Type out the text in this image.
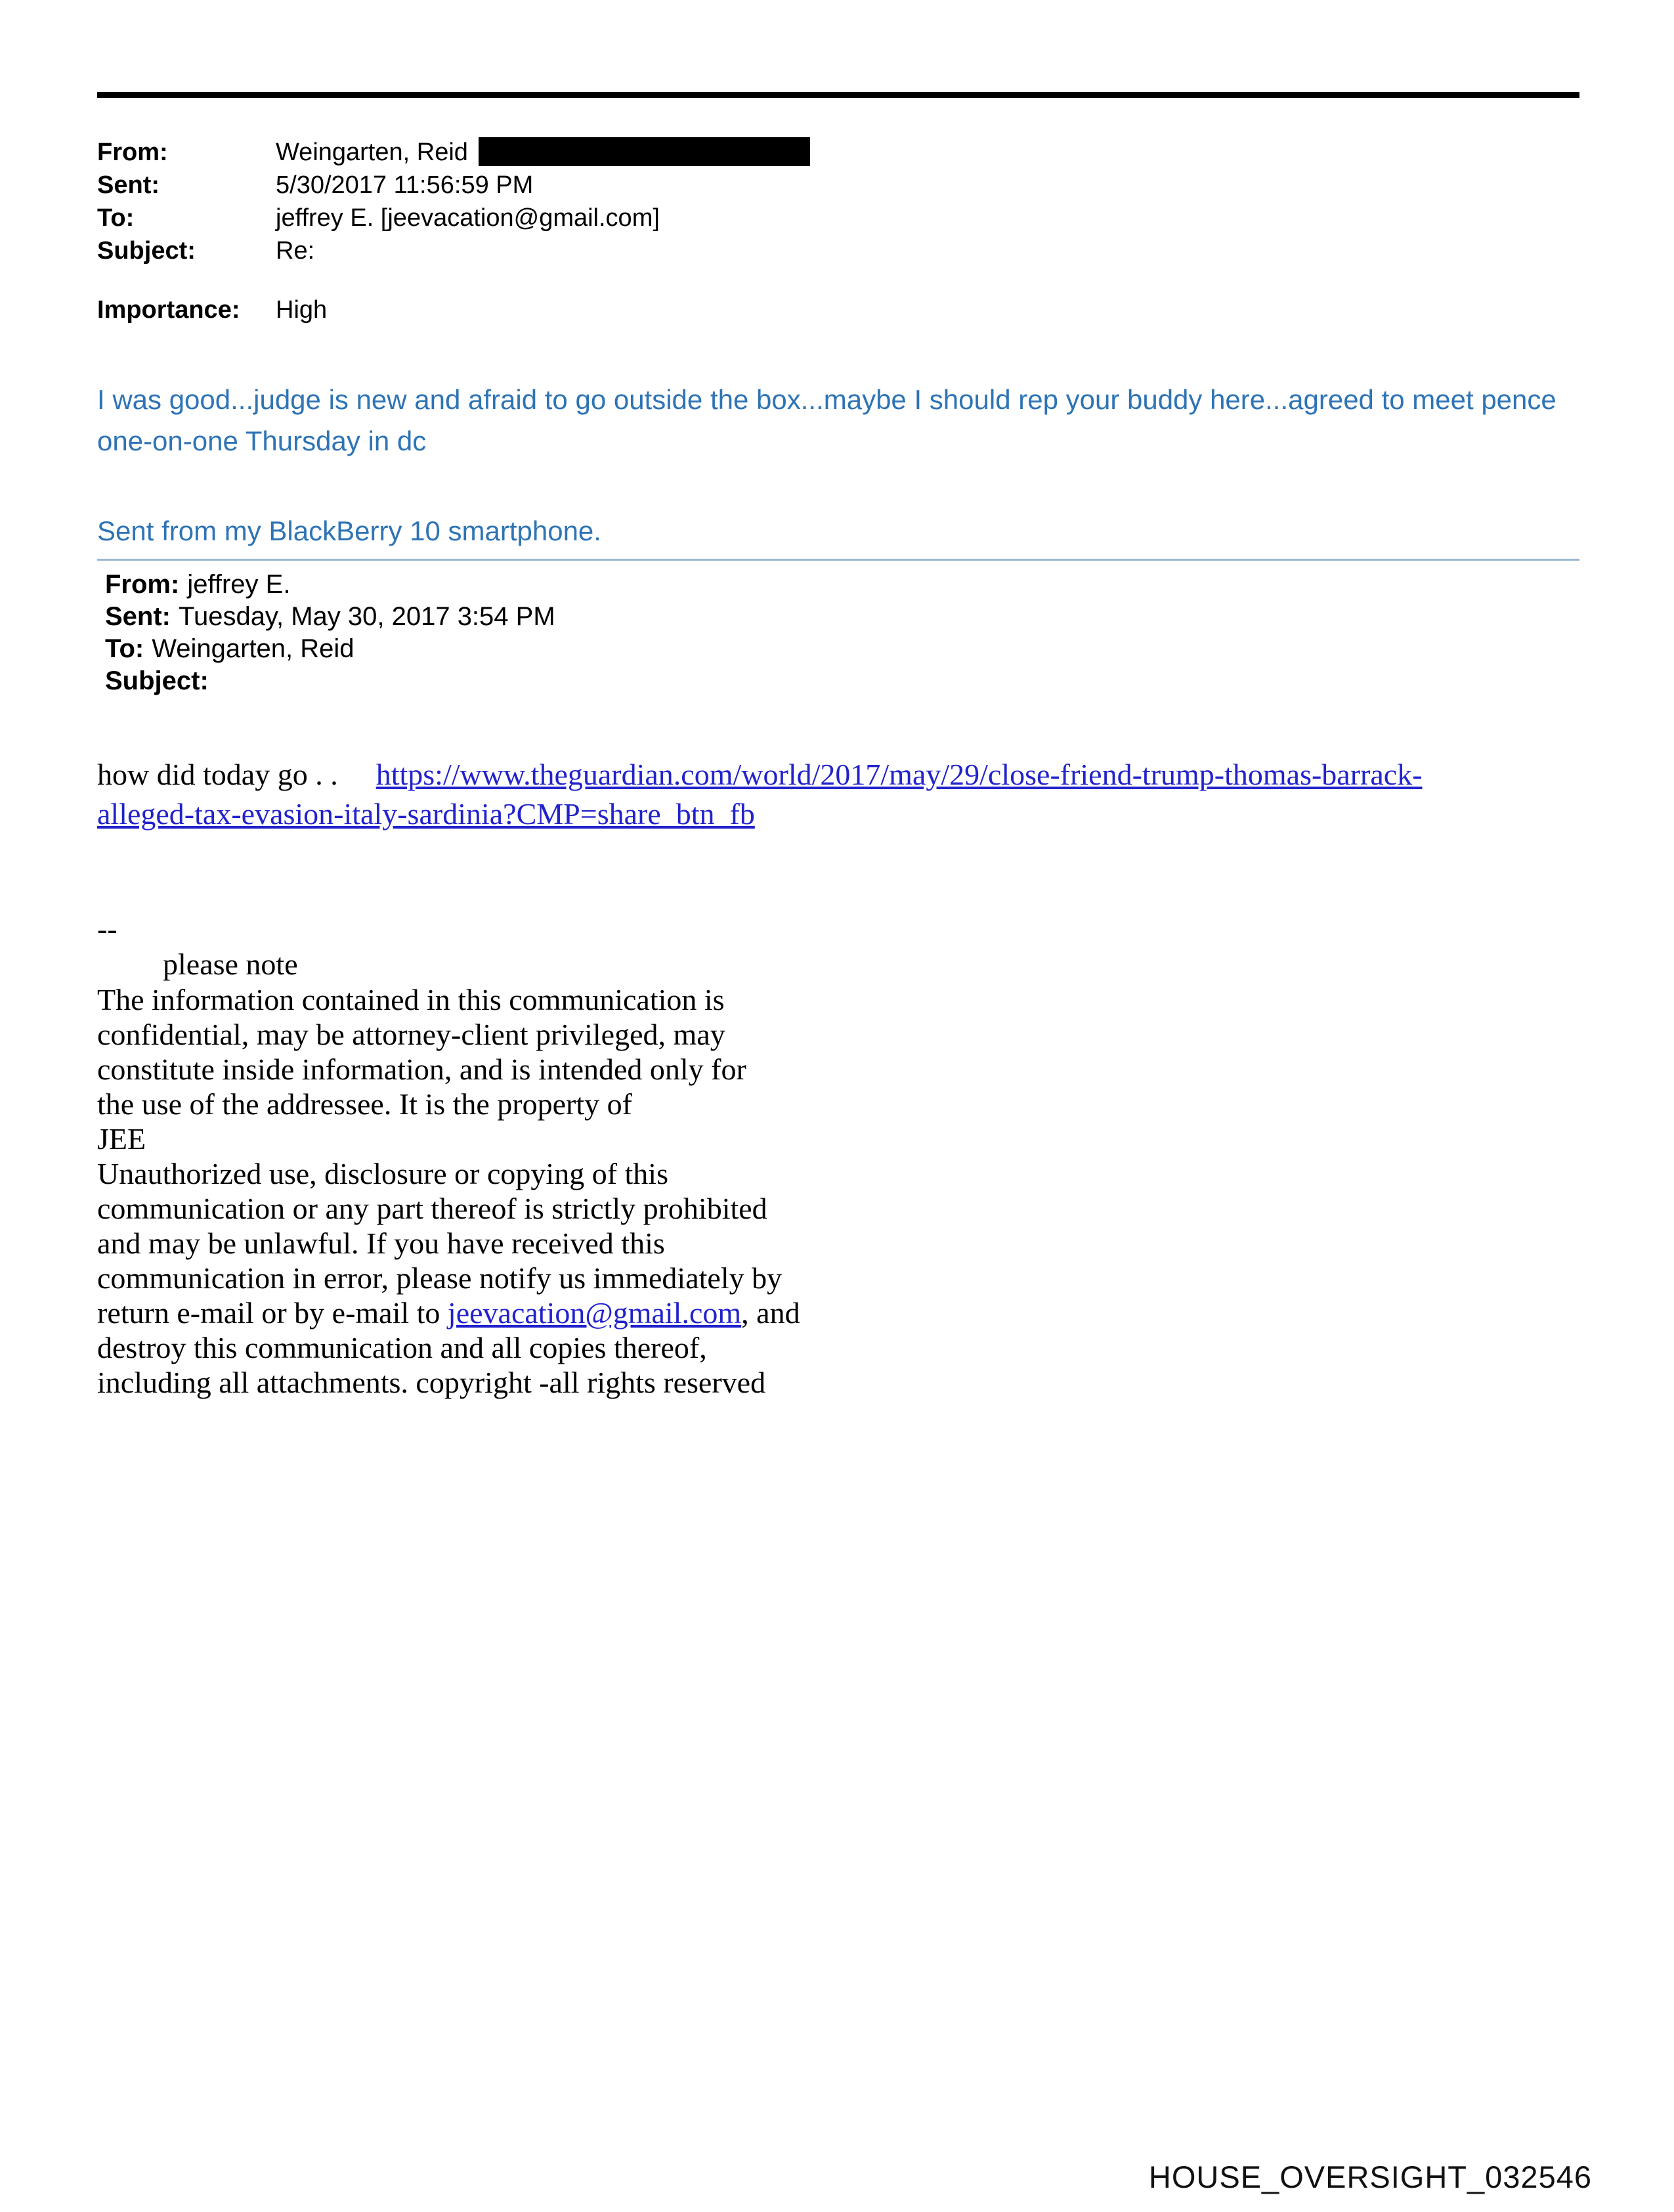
From:	Weingarten, Reid
Sent:	5/30/2017 11:56:59 PM
To:	jeffrey E. [jeevacation@gmail.com]
Subject:	Re:
Importance:	High
I was good...judge is new and afraid to go outside the box...maybe I should rep your buddy here...agreed to meet pence one-on-one Thursday in dc
Sent from my BlackBerry 10 smartphone.
From: jeffrey E.
Sent: Tuesday, May 30, 2017 3:54 PM
To: Weingarten, Reid
Subject:
how did today go . . https://www.theguardian.com/world/2017/may/29/close-friend-trump-thomas-barrack-
alleged-tax-evasion-italy-sardinia?CMP=share_btn_fb
--
please note
The information contained in this communication is
confidential, may be attorney-client privileged, may
constitute inside information, and is intended only for
the use of the addressee. It is the property of
JEE
Unauthorized use, disclosure or copying of this
communication or any part thereof is strictly prohibited
and may be unlawful. If you have received this
communication in error, please notify us immediately by
return e-mail or by e-mail to jeevacation@gmail.com, and
destroy this communication and all copies thereof,
including all attachments. copyright -all rights reserved
HOUSE_OVERSIGHT_032546
